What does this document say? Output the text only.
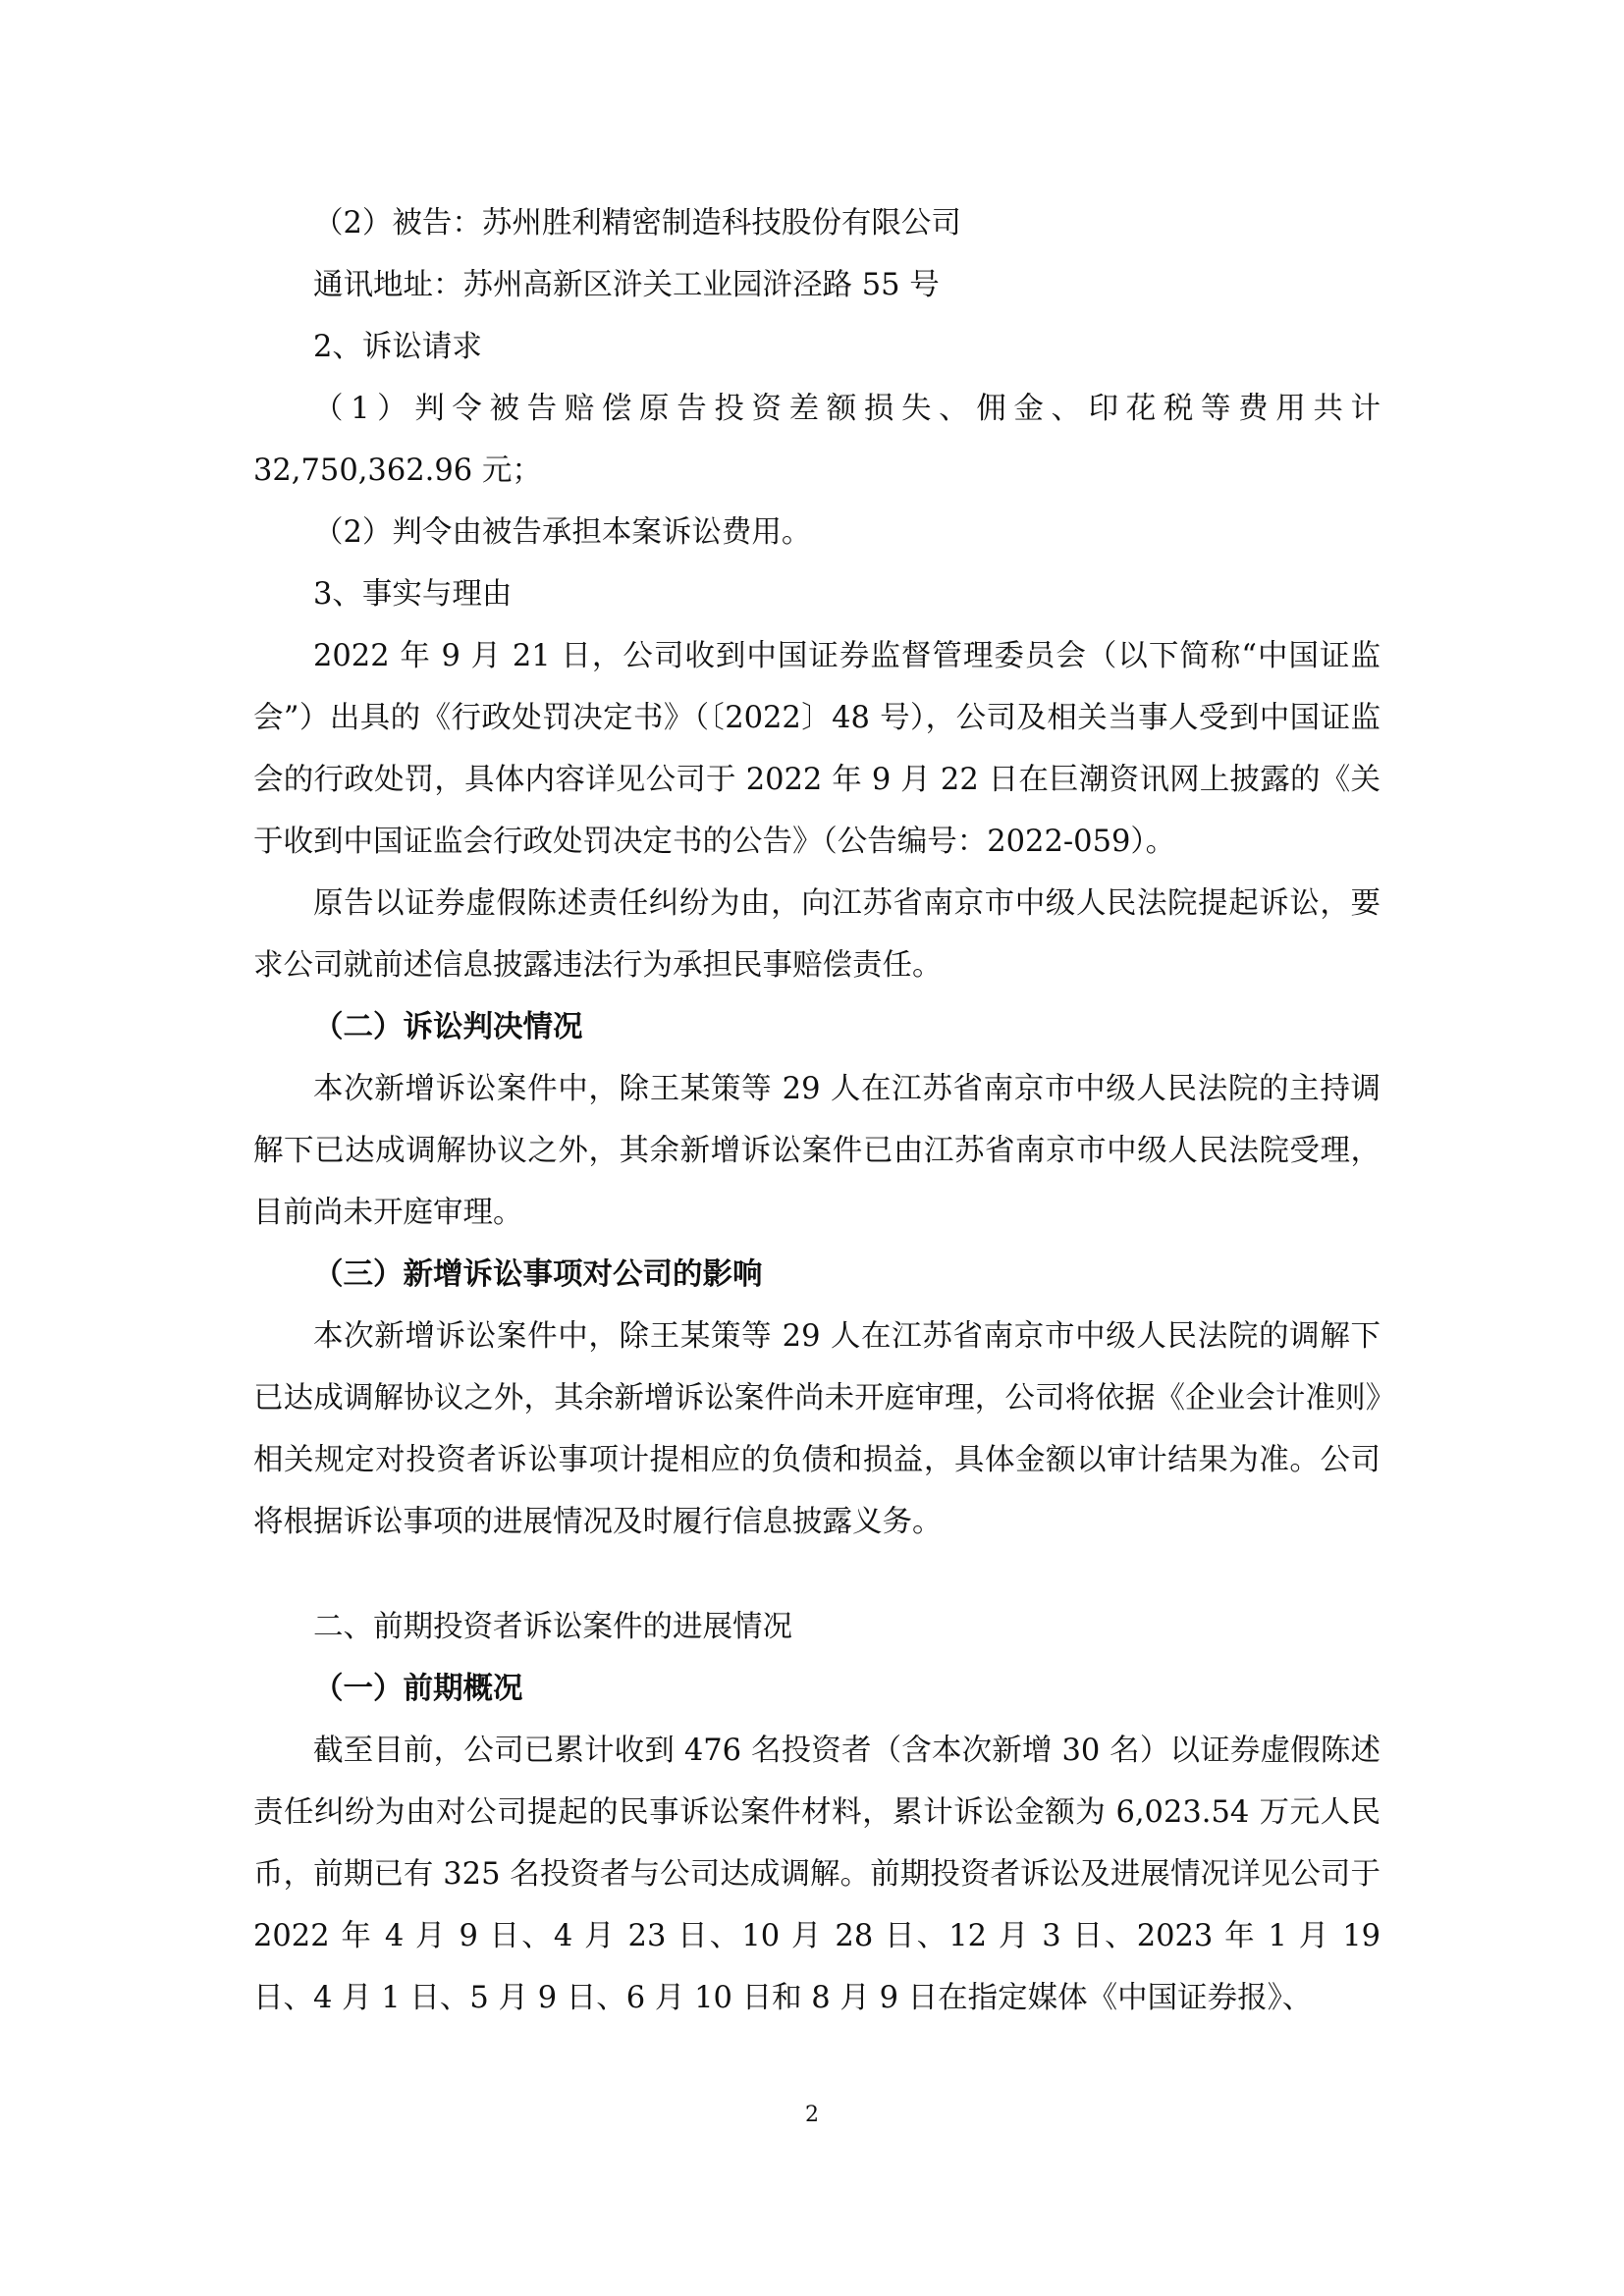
（2）被告：苏州胜利精密制造科技股份有限公司

通讯地址：苏州高新区浒关工业园浒泾路 55 号

2、诉讼请求

（1）判令被告赔偿原告投资差额损失、佣金、印花税等费用共计 32,750,362.96 元；

（2）判令由被告承担本案诉讼费用。

3、事实与理由

2022 年 9 月 21 日，公司收到中国证券监督管理委员会（以下简称“中国证监会”）出具的《行政处罚决定书》（〔2022〕48 号），公司及相关当事人受到中国证监会的行政处罚，具体内容详见公司于 2022 年 9 月 22 日在巨潮资讯网上披露的《关于收到中国证监会行政处罚决定书的公告》（公告编号：2022-059）。

原告以证券虚假陈述责任纠纷为由，向江苏省南京市中级人民法院提起诉讼，要求公司就前述信息披露违法行为承担民事赔偿责任。

（二）诉讼判决情况

本次新增诉讼案件中，除王某策等 29 人在江苏省南京市中级人民法院的主持调解下已达成调解协议之外，其余新增诉讼案件已由江苏省南京市中级人民法院受理，目前尚未开庭审理。

（三）新增诉讼事项对公司的影响

本次新增诉讼案件中，除王某策等 29 人在江苏省南京市中级人民法院的调解下已达成调解协议之外，其余新增诉讼案件尚未开庭审理，公司将依据《企业会计准则》相关规定对投资者诉讼事项计提相应的负债和损益，具体金额以审计结果为准。公司将根据诉讼事项的进展情况及时履行信息披露义务。

二、前期投资者诉讼案件的进展情况

（一）前期概况

截至目前，公司已累计收到 476 名投资者（含本次新增 30 名）以证券虚假陈述责任纠纷为由对公司提起的民事诉讼案件材料，累计诉讼金额为 6,023.54 万元人民币，前期已有 325 名投资者与公司达成调解。前期投资者诉讼及进展情况详见公司于 2022 年 4 月 9 日、4 月 23 日、10 月 28 日、12 月 3 日、2023 年 1 月 19 日、4 月 1 日、5 月 9 日、6 月 10 日和 8 月 9 日在指定媒体《中国证券报》、

2
